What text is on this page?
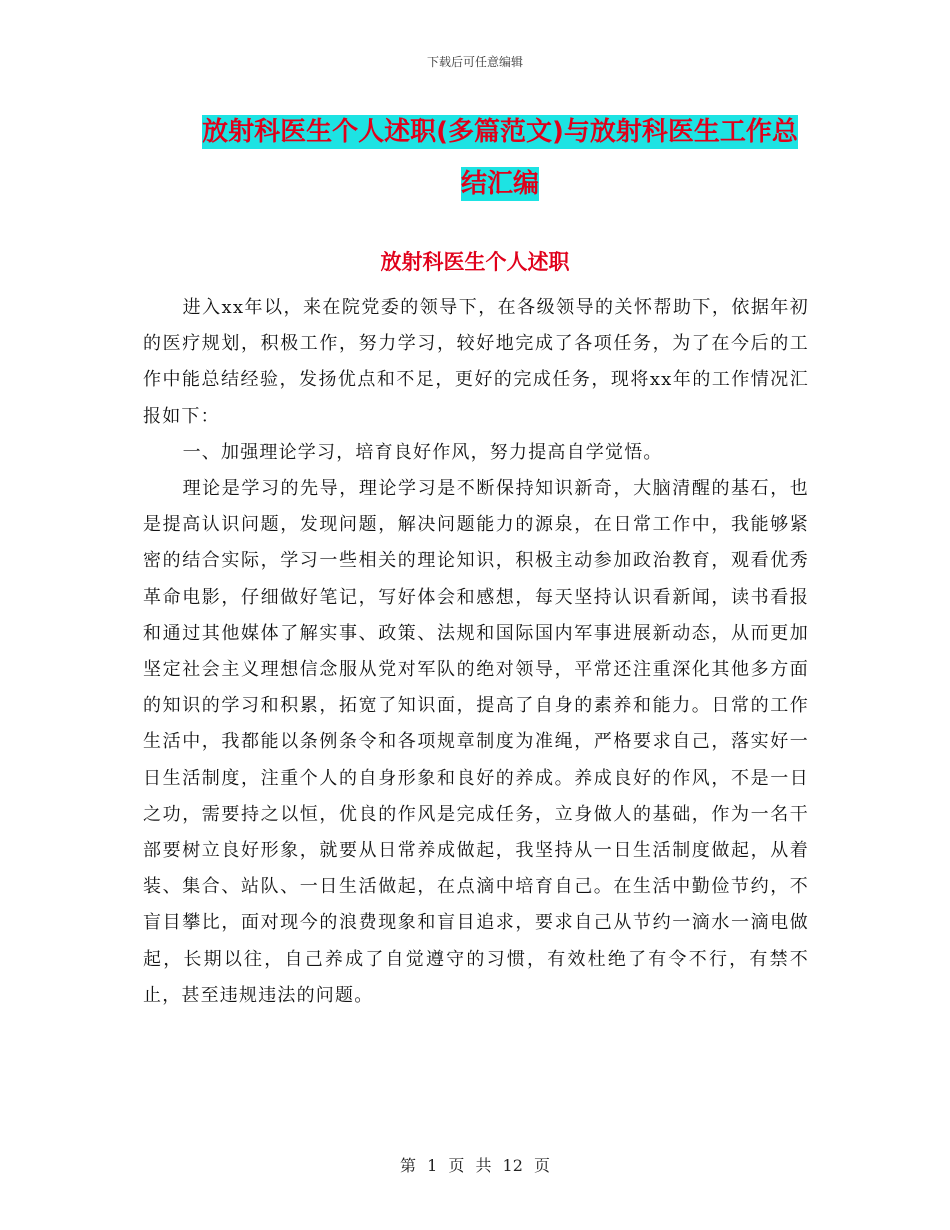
下载后可任意编辑
放射科医生个人述职(多篇范文)与放射科医生工作总结汇编
放射科医生个人述职

进入xx年以，来在院党委的领导下，在各级领导的关怀帮助下，依据年初的医疗规划，积极工作，努力学习，较好地完成了各项任务，为了在今后的工作中能总结经验，发扬优点和不足，更好的完成任务，现将xx年的工作情况汇报如下：

一、加强理论学习，培育良好作风，努力提高自学觉悟。

理论是学习的先导，理论学习是不断保持知识新奇，大脑清醒的基石，也是提高认识问题，发现问题，解决问题能力的源泉，在日常工作中，我能够紧密的结合实际，学习一些相关的理论知识，积极主动参加政治教育，观看优秀革命电影，仔细做好笔记，写好体会和感想，每天坚持认识看新闻，读书看报和通过其他媒体了解实事、政策、法规和国际国内军事进展新动态，从而更加坚定社会主义理想信念服从党对军队的绝对领导，平常还注重深化其他多方面的知识的学习和积累，拓宽了知识面，提高了自身的素养和能力。日常的工作生活中，我都能以条例条令和各项规章制度为准绳，严格要求自己，落实好一日生活制度，注重个人的自身形象和良好的养成。养成良好的作风，不是一日之功，需要持之以恒，优良的作风是完成任务，立身做人的基础，作为一名干部要树立良好形象，就要从日常养成做起，我坚持从一日生活制度做起，从着装、集合、站队、一日生活做起，在点滴中培育自己。在生活中勤俭节约，不盲目攀比，面对现今的浪费现象和盲目追求，要求自己从节约一滴水一滴电做起，长期以往，自己养成了自觉遵守的习惯，有效杜绝了有令不行，有禁不止，甚至违规违法的问题。

第 1 页 共 12 页
